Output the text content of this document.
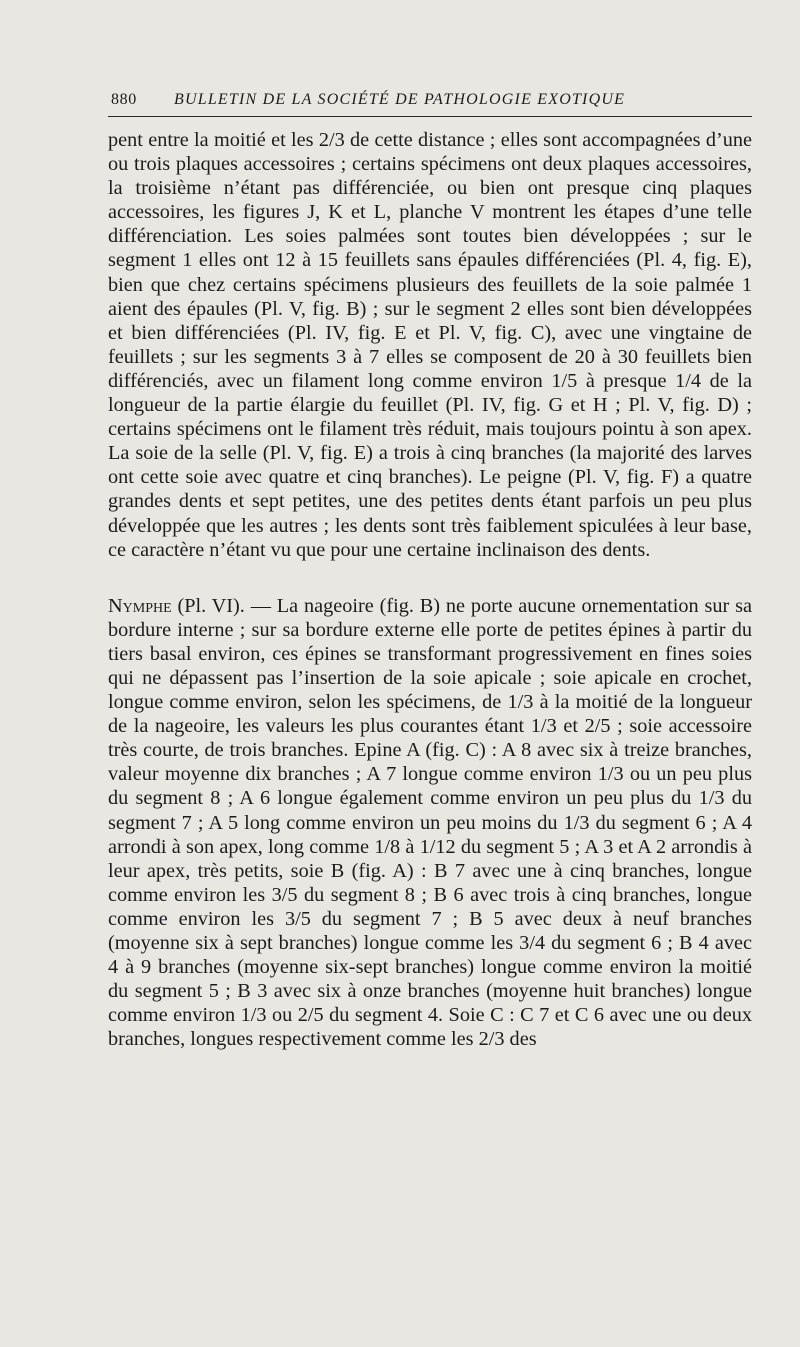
880 BULLETIN DE LA SOCIÉTÉ DE PATHOLOGIE EXOTIQUE

pent entre la moitié et les 2/3 de cette distance ; elles sont accompagnées d’une ou trois plaques accessoires ; certains spécimens ont deux plaques accessoires, la troisième n’étant pas différenciée, ou bien ont presque cinq plaques accessoires, les figures J, K et L, planche V montrent les étapes d’une telle différenciation. Les soies palmées sont toutes bien développées ; sur le segment 1 elles ont 12 à 15 feuillets sans épaules différenciées (Pl. 4, fig. E), bien que chez certains spécimens plusieurs des feuillets de la soie palmée 1 aient des épaules (Pl. V, fig. B) ; sur le segment 2 elles sont bien développées et bien différenciées (Pl. IV, fig. E et Pl. V, fig. C), avec une vingtaine de feuillets ; sur les segments 3 à 7 elles se composent de 20 à 30 feuillets bien différenciés, avec un filament long comme environ 1/5 à presque 1/4 de la longueur de la partie élargie du feuillet (Pl. IV, fig. G et H ; Pl. V, fig. D) ; certains spécimens ont le filament très réduit, mais toujours pointu à son apex. La soie de la selle (Pl. V, fig. E) a trois à cinq branches (la majorité des larves ont cette soie avec quatre et cinq branches). Le peigne (Pl. V, fig. F) a quatre grandes dents et sept petites, une des petites dents étant parfois un peu plus développée que les autres ; les dents sont très faiblement spiculées à leur base, ce caractère n’étant vu que pour une certaine inclinaison des dents.

Nymphe (Pl. VI). — La nageoire (fig. B) ne porte aucune ornementation sur sa bordure interne ; sur sa bordure externe elle porte de petites épines à partir du tiers basal environ, ces épines se transformant progressivement en fines soies qui ne dépassent pas l’insertion de la soie apicale ; soie apicale en crochet, longue comme environ, selon les spécimens, de 1/3 à la moitié de la longueur de la nageoire, les valeurs les plus courantes étant 1/3 et 2/5 ; soie accessoire très courte, de trois branches. Epine A (fig. C) : A 8 avec six à treize branches, valeur moyenne dix branches ; A 7 longue comme environ 1/3 ou un peu plus du segment 8 ; A 6 longue également comme environ un peu plus du 1/3 du segment 7 ; A 5 long comme environ un peu moins du 1/3 du segment 6 ; A 4 arrondi à son apex, long comme 1/8 à 1/12 du segment 5 ; A 3 et A 2 arrondis à leur apex, très petits, soie B (fig. A) : B 7 avec une à cinq branches, longue comme environ les 3/5 du segment 8 ; B 6 avec trois à cinq branches, longue comme environ les 3/5 du segment 7 ; B 5 avec deux à neuf branches (moyenne six à sept branches) longue comme les 3/4 du segment 6 ; B 4 avec 4 à 9 branches (moyenne six-sept branches) longue comme environ la moitié du segment 5 ; B 3 avec six à onze branches (moyenne huit branches) longue comme environ 1/3 ou 2/5 du segment 4. Soie C : C 7 et C 6 avec une ou deux branches, longues respectivement comme les 2/3 des
